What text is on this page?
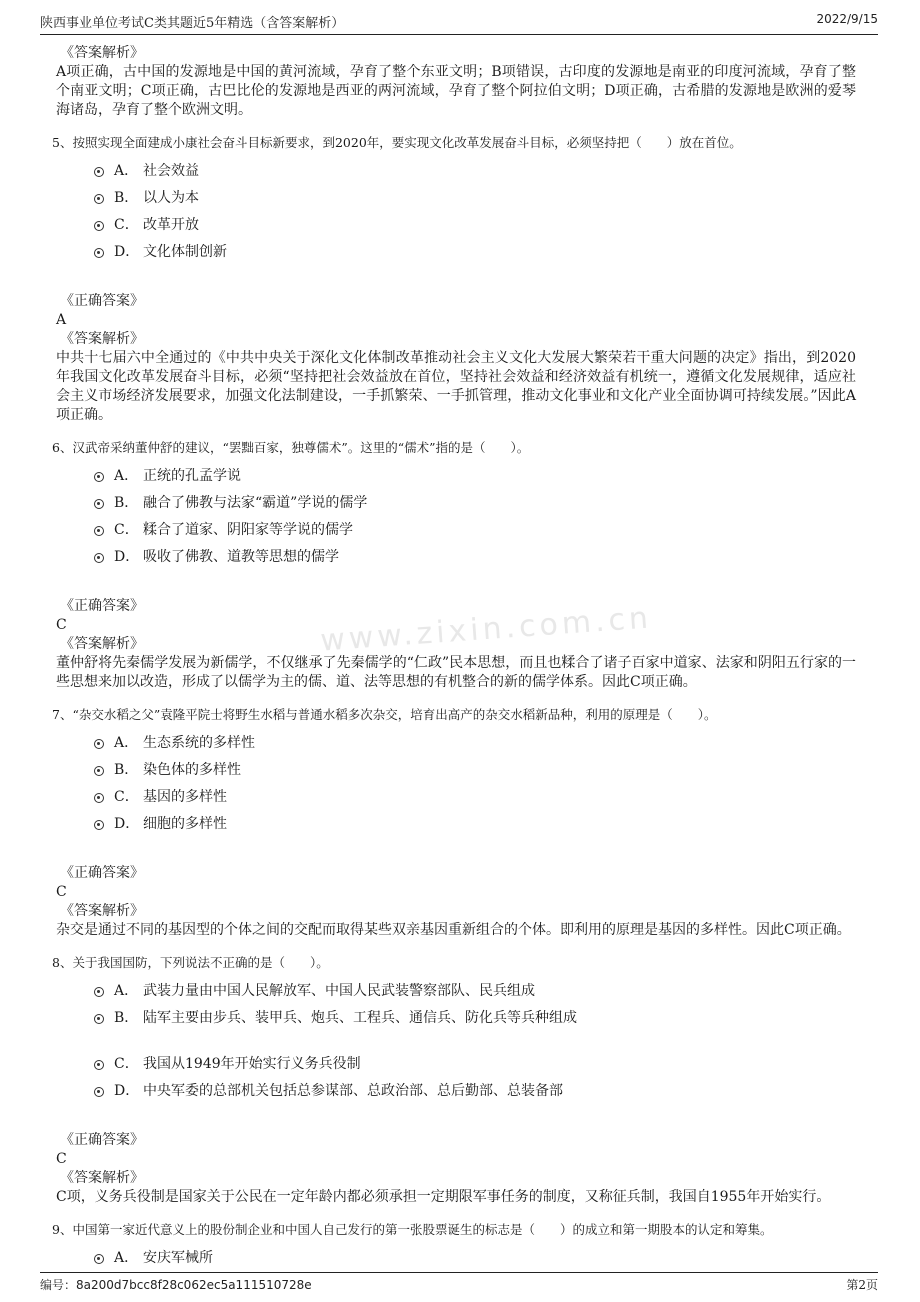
陕西事业单位考试C类其题近5年精选（含答案解析）	2022/9/15
www.zixin.com.cn
《答案解析》
A项正确，古中国的发源地是中国的黄河流域，孕育了整个东亚文明；B项错误，古印度的发源地是南亚的印度河流域，孕育了整个南亚文明；C项正确，古巴比伦的发源地是西亚的两河流域，孕育了整个阿拉伯文明；D项正确，古希腊的发源地是欧洲的爱琴海诸岛，孕育了整个欧洲文明。
5、按照实现全面建成小康社会奋斗目标新要求，到2020年，要实现文化改革发展奋斗目标，必须坚持把（　　）放在首位。
A． 社会效益
B． 以人为本
C． 改革开放
D． 文化体制创新
《正确答案》
A
《答案解析》
中共十七届六中全通过的《中共中央关于深化文化体制改革推动社会主义文化大发展大繁荣若干重大问题的决定》指出，到2020年我国文化改革发展奋斗目标，必须“坚持把社会效益放在首位，坚持社会效益和经济效益有机统一，遵循文化发展规律，适应社会主义市场经济发展要求，加强文化法制建设，一手抓繁荣、一手抓管理，推动文化事业和文化产业全面协调可持续发展。”因此A项正确。
6、汉武帝采纳董仲舒的建议，“罢黜百家，独尊儒术”。这里的“儒术”指的是（　　）。
A． 正统的孔孟学说
B． 融合了佛教与法家“霸道”学说的儒学
C． 糅合了道家、阴阳家等学说的儒学
D． 吸收了佛教、道教等思想的儒学
《正确答案》
C
《答案解析》
董仲舒将先秦儒学发展为新儒学，不仅继承了先秦儒学的“仁政”民本思想，而且也糅合了诸子百家中道家、法家和阴阳五行家的一些思想来加以改造，形成了以儒学为主的儒、道、法等思想的有机整合的新的儒学体系。因此C项正确。
7、“杂交水稻之父”袁隆平院士将野生水稻与普通水稻多次杂交，培育出高产的杂交水稻新品种，利用的原理是（　　）。
A． 生态系统的多样性
B． 染色体的多样性
C． 基因的多样性
D． 细胞的多样性
《正确答案》
C
《答案解析》
杂交是通过不同的基因型的个体之间的交配而取得某些双亲基因重新组合的个体。即利用的原理是基因的多样性。因此C项正确。
8、关于我国国防，下列说法不正确的是（　　）。
A． 武装力量由中国人民解放军、中国人民武装警察部队、民兵组成
B． 陆军主要由步兵、装甲兵、炮兵、工程兵、通信兵、防化兵等兵种组成
C． 我国从1949年开始实行义务兵役制
D． 中央军委的总部机关包括总参谋部、总政治部、总后勤部、总装备部
《正确答案》
C
《答案解析》
C项，义务兵役制是国家关于公民在一定年龄内都必须承担一定期限军事任务的制度，又称征兵制，我国自1955年开始实行。
9、中国第一家近代意义上的股份制企业和中国人自己发行的第一张股票诞生的标志是（　　）的成立和第一期股本的认定和筹集。
A． 安庆军械所
编号：8a200d7bcc8f28c062ec5a111510728e	第2页
